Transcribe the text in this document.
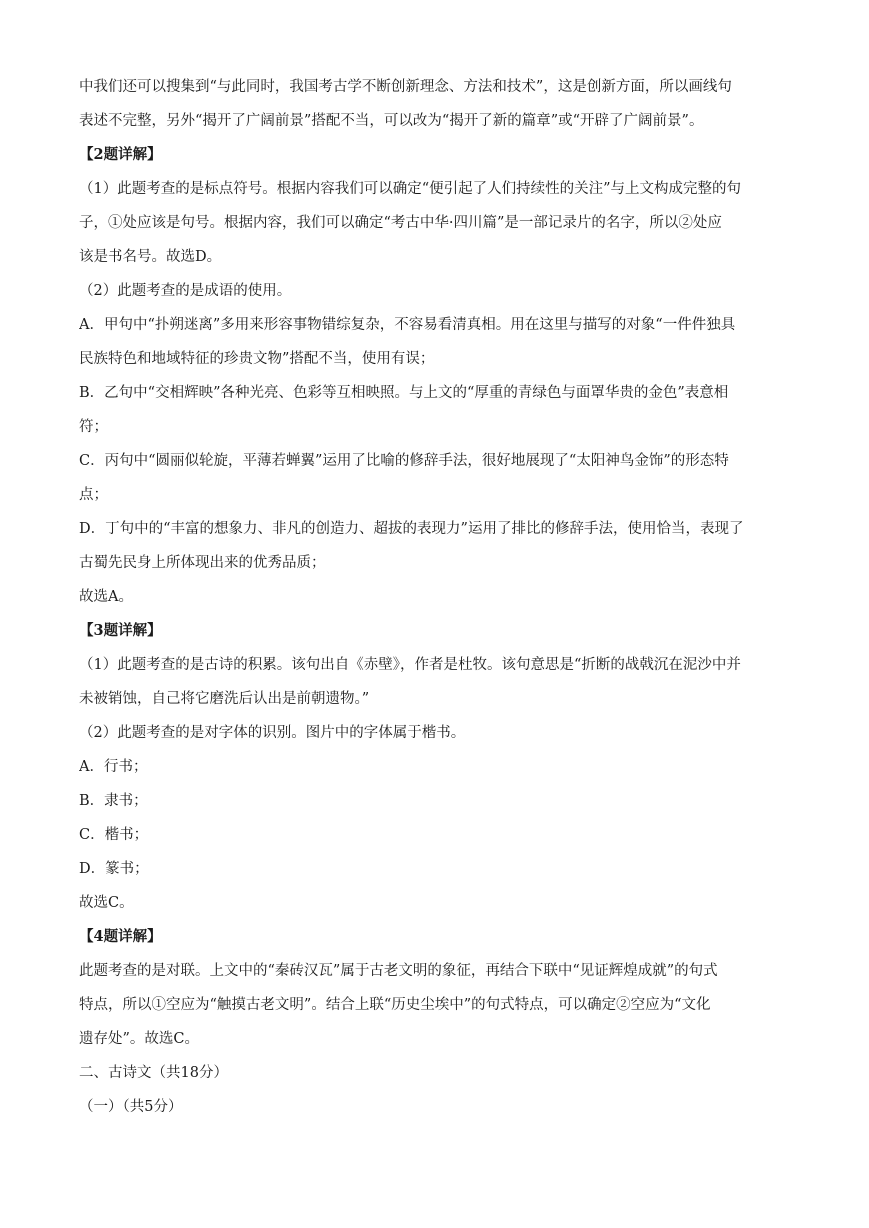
中我们还可以搜集到“与此同时，我国考古学不断创新理念、方法和技术”，这是创新方面，所以画线句
表述不完整，另外“揭开了广阔前景”搭配不当，可以改为“揭开了新的篇章”或“开辟了广阔前景”。
【2题详解】
（1）此题考查的是标点符号。根据内容我们可以确定“便引起了人们持续性的关注”与上文构成完整的句
子，①处应该是句号。根据内容，我们可以确定“考古中华·四川篇”是一部记录片的名字，所以②处应
该是书名号。故选D。
（2）此题考查的是成语的使用。
A．甲句中“扑朔迷离”多用来形容事物错综复杂，不容易看清真相。用在这里与描写的对象“一件件独具
民族特色和地域特征的珍贵文物”搭配不当，使用有误；
B．乙句中“交相辉映”各种光亮、色彩等互相映照。与上文的“厚重的青绿色与面罩华贵的金色”表意相
符；
C．丙句中“圆丽似轮旋，平薄若蝉翼”运用了比喻的修辞手法，很好地展现了“太阳神鸟金饰”的形态特
点；
D．丁句中的“丰富的想象力、非凡的创造力、超拔的表现力”运用了排比的修辞手法，使用恰当，表现了
古蜀先民身上所体现出来的优秀品质；
故选A。
【3题详解】
（1）此题考查的是古诗的积累。该句出自《赤壁》，作者是杜牧。该句意思是“折断的战戟沉在泥沙中并
未被销蚀，自己将它磨洗后认出是前朝遗物。”
（2）此题考查的是对字体的识别。图片中的字体属于楷书。
A．行书；
B．隶书；
C．楷书；
D．篆书；
故选C。
【4题详解】
此题考查的是对联。上文中的“秦砖汉瓦”属于古老文明的象征，再结合下联中“见证辉煌成就”的句式
特点，所以①空应为“触摸古老文明”。结合上联“历史尘埃中”的句式特点，可以确定②空应为“文化
遗存处”。故选C。
二、古诗文（共18分）
（一）（共5分）
